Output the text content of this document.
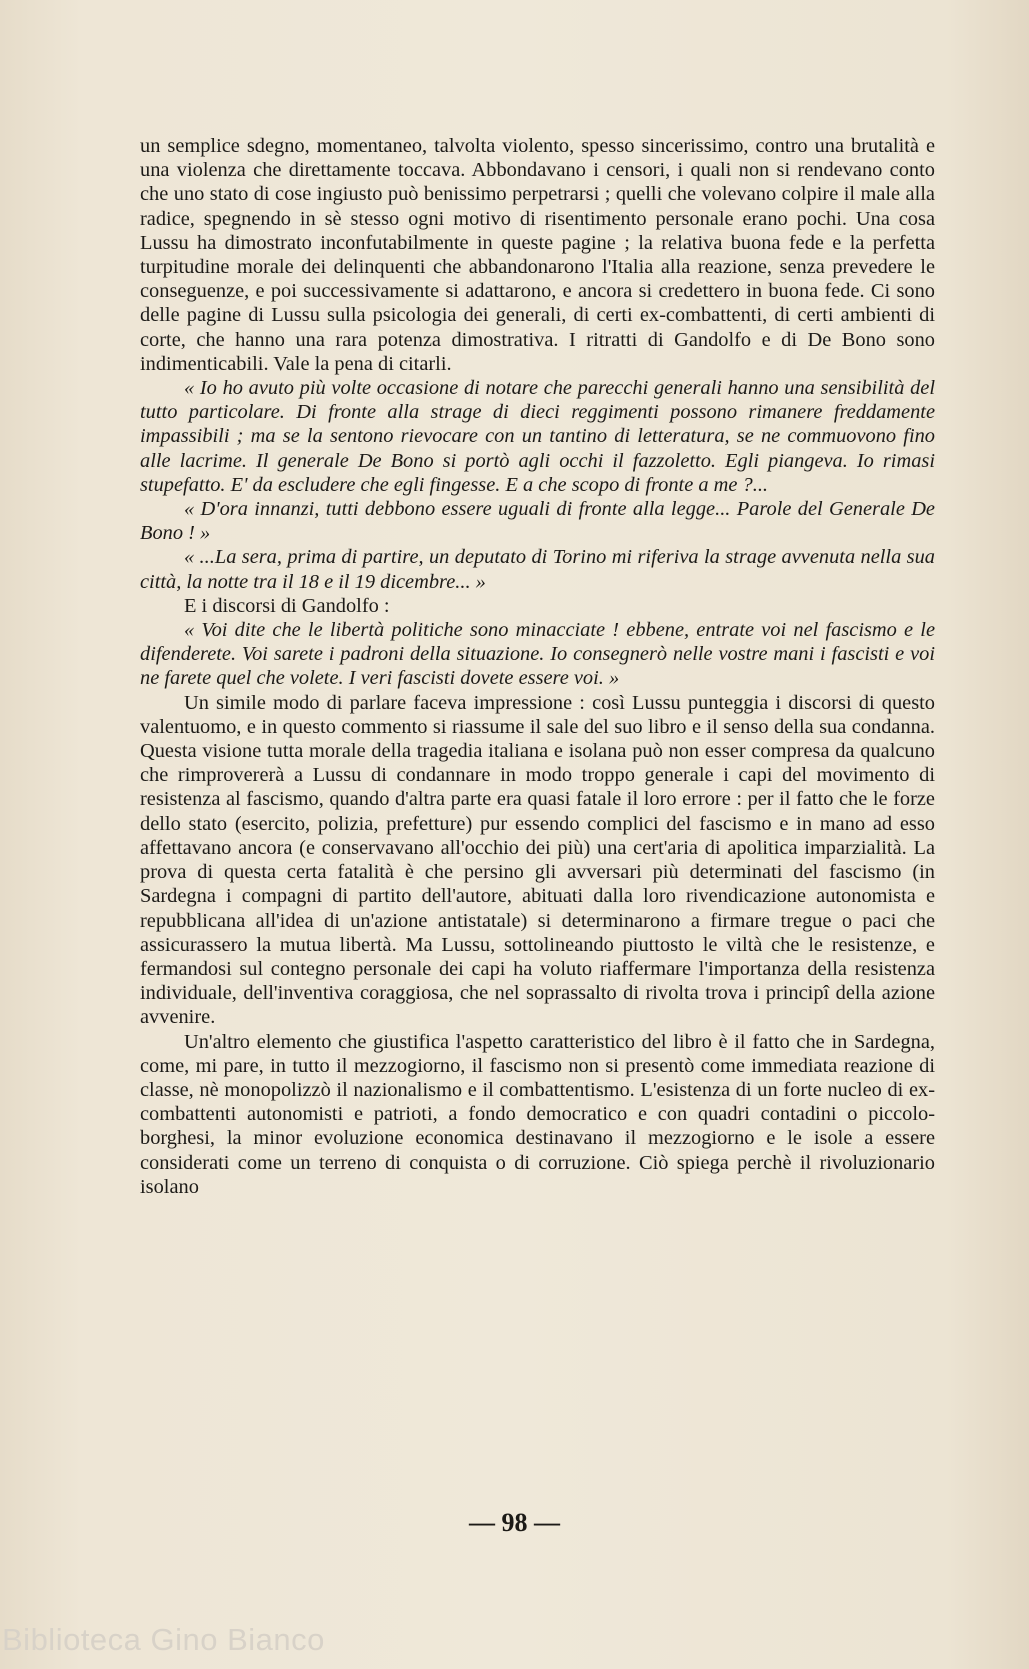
un semplice sdegno, momentaneo, talvolta violento, spesso sincerissimo, contro una brutalità e una violenza che direttamente toccava. Abbondavano i censori, i quali non si rendevano conto che uno stato di cose ingiusto può benissimo perpetrarsi ; quelli che volevano colpire il male alla radice, spegnendo in sè stesso ogni motivo di risentimento personale erano pochi. Una cosa Lussu ha dimostrato inconfutabilmente in queste pagine ; la relativa buona fede e la perfetta turpitudine morale dei delinquenti che abbandonarono l'Italia alla reazione, senza prevedere le conseguenze, e poi successivamente si adattarono, e ancora si credettero in buona fede. Ci sono delle pagine di Lussu sulla psicologia dei generali, di certi ex-combattenti, di certi ambienti di corte, che hanno una rara potenza dimostrativa. I ritratti di Gandolfo e di De Bono sono indimenticabili. Vale la pena di citarli.

« Io ho avuto più volte occasione di notare che parecchi generali hanno una sensibilità del tutto particolare. Di fronte alla strage di dieci reggimenti possono rimanere freddamente impassibili ; ma se la sentono rievocare con un tantino di letteratura, se ne commuovono fino alle lacrime. Il generale De Bono si portò agli occhi il fazzoletto. Egli piangeva. Io rimasi stupefatto. E' da escludere che egli fingesse. E a che scopo di fronte a me ?...

« D'ora innanzi, tutti debbono essere uguali di fronte alla legge... Parole del Generale De Bono ! »

« ...La sera, prima di partire, un deputato di Torino mi riferiva la strage avvenuta nella sua città, la notte tra il 18 e il 19 dicembre... »

E i discorsi di Gandolfo :

« Voi dite che le libertà politiche sono minacciate ! ebbene, entrate voi nel fascismo e le difenderete. Voi sarete i padroni della situazione. Io consegnerò nelle vostre mani i fascisti e voi ne farete quel che volete. I veri fascisti dovete essere voi. »

Un simile modo di parlare faceva impressione : così Lussu punteggia i discorsi di questo valentuomo, e in questo commento si riassume il sale del suo libro e il senso della sua condanna. Questa visione tutta morale della tragedia italiana e isolana può non esser compresa da qualcuno che rimprovererà a Lussu di condannare in modo troppo generale i capi del movimento di resistenza al fascismo, quando d'altra parte era quasi fatale il loro errore : per il fatto che le forze dello stato (esercito, polizia, prefetture) pur essendo complici del fascismo e in mano ad esso affettavano ancora (e conservavano all'occhio dei più) una cert'aria di apolitica imparzialità. La prova di questa certa fatalità è che persino gli avversari più determinati del fascismo (in Sardegna i compagni di partito dell'autore, abituati dalla loro rivendicazione autonomista e repubblicana all'idea di un'azione antistatale) si determinarono a firmare tregue o paci che assicurassero la mutua libertà. Ma Lussu, sottolineando piuttosto le viltà che le resistenze, e fermandosi sul contegno personale dei capi ha voluto riaffermare l'importanza della resistenza individuale, dell'inventiva coraggiosa, che nel soprassalto di rivolta trova i principî della azione avvenire.

Un'altro elemento che giustifica l'aspetto caratteristico del libro è il fatto che in Sardegna, come, mi pare, in tutto il mezzogiorno, il fascismo non si presentò come immediata reazione di classe, nè monopolizzò il nazionalismo e il combattentismo. L'esistenza di un forte nucleo di ex-combattenti autonomisti e patrioti, a fondo democratico e con quadri contadini o piccolo-borghesi, la minor evoluzione economica destinavano il mezzogiorno e le isole a essere considerati come un terreno di conquista o di corruzione. Ciò spiega perchè il rivoluzionario isolano

— 98 —
Biblioteca Gino Bianco
